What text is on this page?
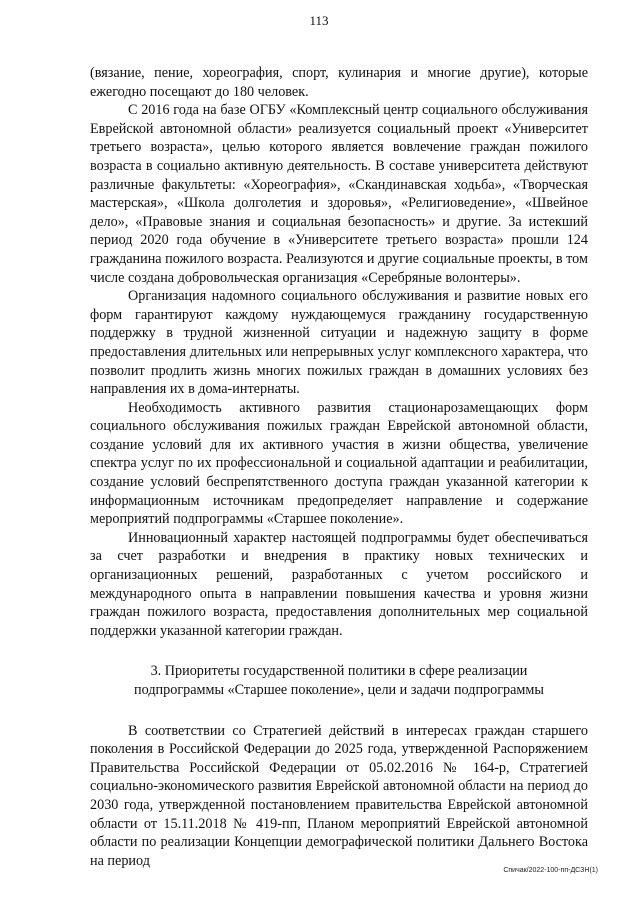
113

(вязание, пение, хореография, спорт, кулинария и многие другие), которые ежегодно посещают до 180 человек.

С 2016 года на базе ОГБУ «Комплексный центр социального обслуживания Еврейской автономной области» реализуется социальный проект «Университет третьего возраста», целью которого является вовлечение граждан пожилого возраста в социально активную деятельность. В составе университета действуют различные факультеты: «Хореография», «Скандинавская ходьба», «Творческая мастерская», «Школа долголетия и здоровья», «Религиоведение», «Швейное дело», «Правовые знания и социальная безопасность» и другие. За истекший период 2020 года обучение в «Университете третьего возраста» прошли 124 гражданина пожилого возраста. Реализуются и другие социальные проекты, в том числе создана добровольческая организация «Серебряные волонтеры».

Организация надомного социального обслуживания и развитие новых его форм гарантируют каждому нуждающемуся гражданину государственную поддержку в трудной жизненной ситуации и надежную защиту в форме предоставления длительных или непрерывных услуг комплексного характера, что позволит продлить жизнь многих пожилых граждан в домашних условиях без направления их в дома-интернаты.

Необходимость активного развития стационарозамещающих форм социального обслуживания пожилых граждан Еврейской автономной области, создание условий для их активного участия в жизни общества, увеличение спектра услуг по их профессиональной и социальной адаптации и реабилитации, создание условий беспрепятственного доступа граждан указанной категории к информационным источникам предопределяет направление и содержание мероприятий подпрограммы «Старшее поколение».

Инновационный характер настоящей подпрограммы будет обеспечиваться за счет разработки и внедрения в практику новых технических и организационных решений, разработанных с учетом российского и международного опыта в направлении повышения качества и уровня жизни граждан пожилого возраста, предоставления дополнительных мер социальной поддержки указанной категории граждан.

3. Приоритеты государственной политики в сфере реализации
подпрограммы «Старшее поколение», цели и задачи подпрограммы

В соответствии со Стратегией действий в интересах граждан старшего поколения в Российской Федерации до 2025 года, утвержденной Распоряжением Правительства Российской Федерации от 05.02.2016 № 164-р, Стратегией социально-экономического развития Еврейской автономной области на период до 2030 года, утвержденной постановлением правительства Еврейской автономной области от 15.11.2018 № 419-пп, Планом мероприятий Еврейской автономной области по реализации Концепции демографической политики Дальнего Востока на период

Спичак/2022-100-пп-ДСЗН(1)
